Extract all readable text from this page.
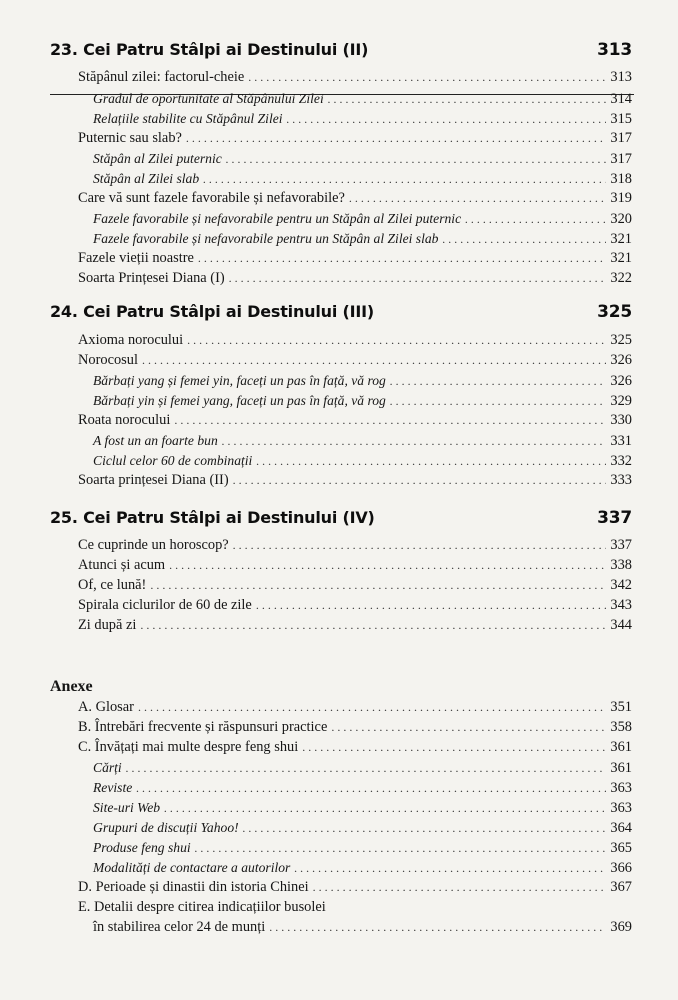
23. Cei Patru Stâlpi ai Destinului (II)	313
Stăpânul zilei: factorul-cheie . . .	313
Gradul de oportunitate al Stăpânului Zilei . . .	314
Relațiile stabilite cu Stăpânul Zilei . . .	315
Puternic sau slab? . . .	317
Stăpân al Zilei puternic . . .	317
Stăpân al Zilei slab . . .	318
Care vă sunt fazele favorabile și nefavorabile? . . .	319
Fazele favorabile și nefavorabile pentru un Stăpân al Zilei puternic . . .	320
Fazele favorabile și nefavorabile pentru un Stăpân al Zilei slab . . .	321
Fazele vieții noastre . . .	321
Soarta Prințesei Diana (I) . . .	322
24. Cei Patru Stâlpi ai Destinului (III)	325
Axioma norocului . . .	325
Norocosul . . .	326
Bărbați yang și femei yin, faceți un pas în față, vă rog . . .	326
Bărbați yin și femei yang, faceți un pas în față, vă rog . . .	329
Roata norocului . . .	330
A fost un an foarte bun . . .	331
Ciclul celor 60 de combinații . . .	332
Soarta prințesei Diana (II) . . .	333
25. Cei Patru Stâlpi ai Destinului (IV)	337
Ce cuprinde un horoscop? . . .	337
Atunci și acum . . .	338
Of, ce lună! . . .	342
Spirala ciclurilor de 60 de zile . . .	343
Zi după zi . . .	344
Anexe
A. Glosar . . .	351
B. Întrebări frecvente și răspunsuri practice . . .	358
C. Învățați mai multe despre feng shui . . .	361
Cărți . . .	361
Reviste . . .	363
Site-uri Web . . .	363
Grupuri de discuții Yahoo! . . .	364
Produse feng shui . . .	365
Modalități de contactare a autorilor . . .	366
D. Perioade și dinastii din istoria Chinei . . .	367
E. Detalii despre citirea indicațiilor busolei
în stabilirea celor 24 de munți . . .	369
